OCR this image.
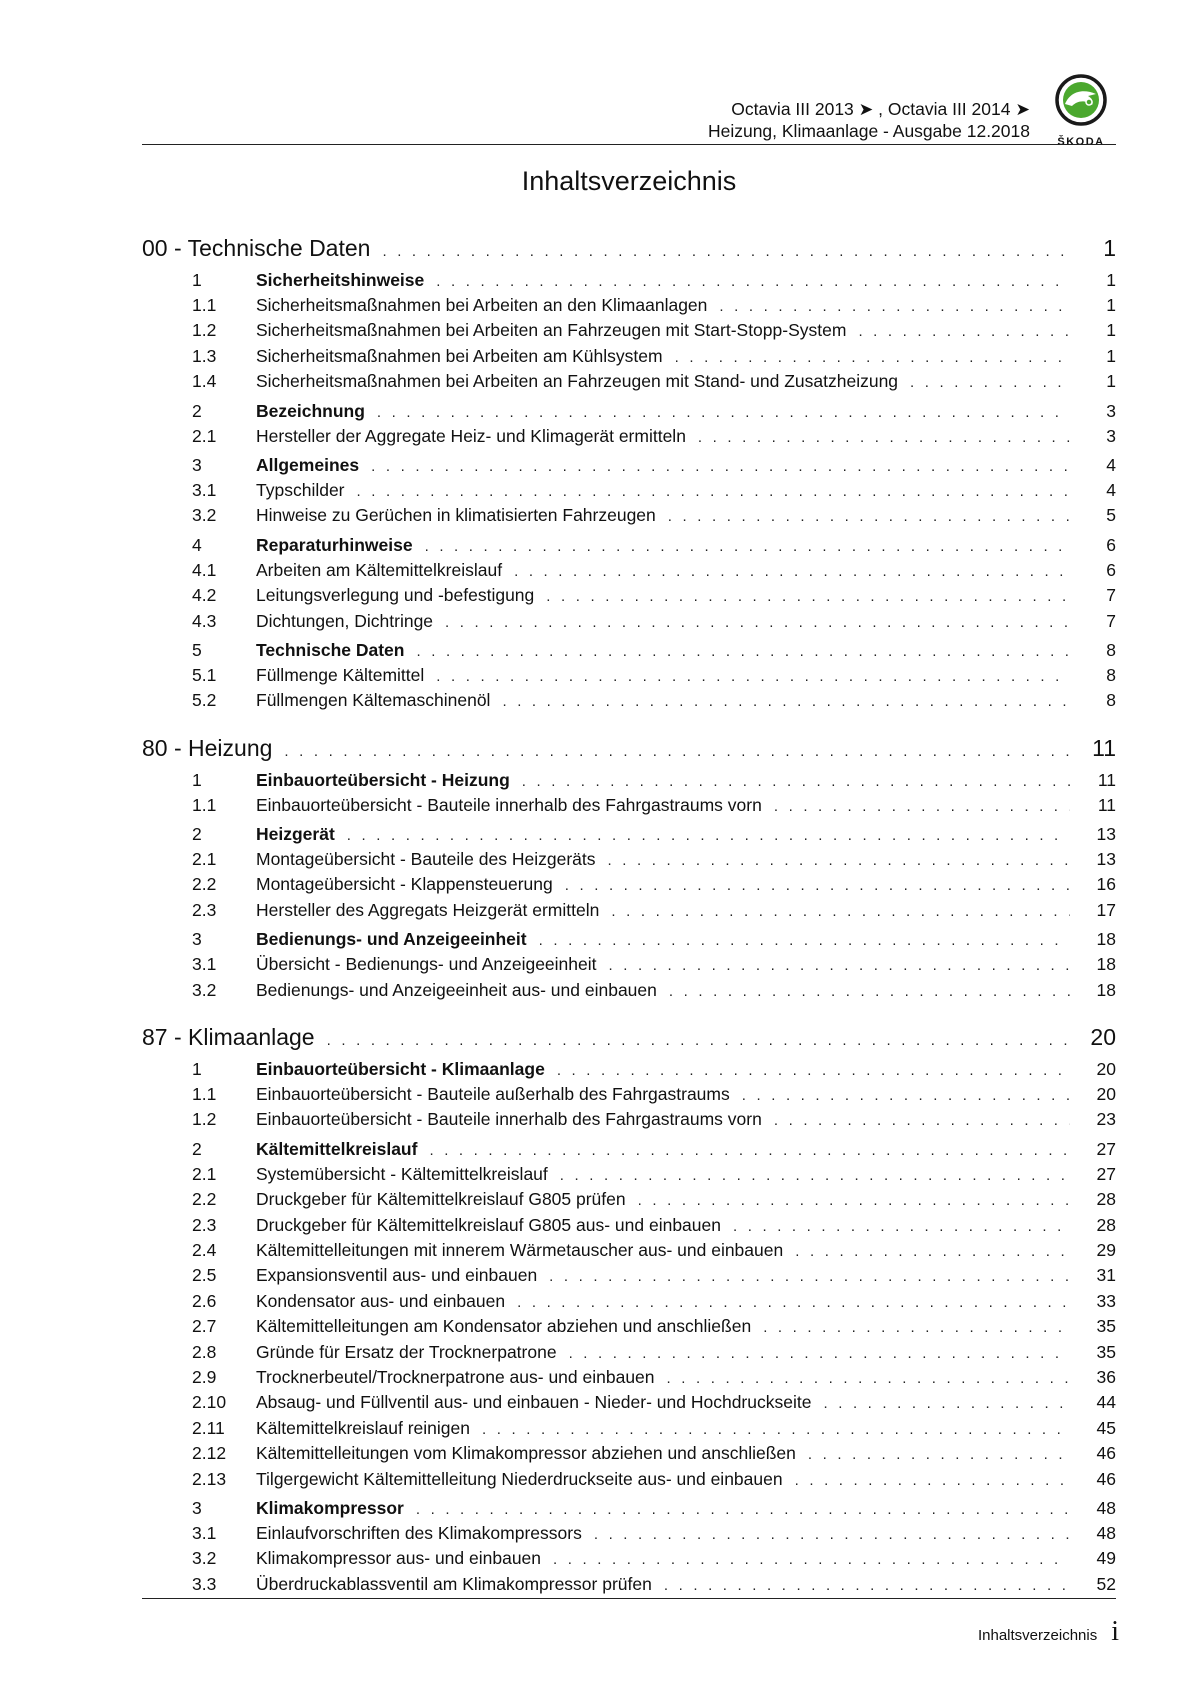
Octavia III 2013 ➤ , Octavia III 2014 ➤
Heizung, Klimaanlage - Ausgabe 12.2018
ŠKODA
Inhaltsverzeichnis
00 - Technische Daten . . .	1
1	Sicherheitshinweise . . .	1
1.1	Sicherheitsmaßnahmen bei Arbeiten an den Klimaanlagen . . .	1
1.2	Sicherheitsmaßnahmen bei Arbeiten an Fahrzeugen mit Start-Stopp-System . . .	1
1.3	Sicherheitsmaßnahmen bei Arbeiten am Kühlsystem . . .	1
1.4	Sicherheitsmaßnahmen bei Arbeiten an Fahrzeugen mit Stand- und Zusatzheizung . . .	1
2	Bezeichnung . . .	3
2.1	Hersteller der Aggregate Heiz- und Klimagerät ermitteln . . .	3
3	Allgemeines . . .	4
3.1	Typschilder . . .	4
3.2	Hinweise zu Gerüchen in klimatisierten Fahrzeugen . . .	5
4	Reparaturhinweise . . .	6
4.1	Arbeiten am Kältemittelkreislauf . . .	6
4.2	Leitungsverlegung und -befestigung . . .	7
4.3	Dichtungen, Dichtringe . . .	7
5	Technische Daten . . .	8
5.1	Füllmenge Kältemittel . . .	8
5.2	Füllmengen Kältemaschinenöl . . .	8
80 - Heizung . . .	11
1	Einbauorteübersicht - Heizung . . .	11
1.1	Einbauorteübersicht - Bauteile innerhalb des Fahrgastraums vorn . . .	11
2	Heizgerät . . .	13
2.1	Montageübersicht - Bauteile des Heizgeräts . . .	13
2.2	Montageübersicht - Klappensteuerung . . .	16
2.3	Hersteller des Aggregats Heizgerät ermitteln . . .	17
3	Bedienungs- und Anzeigeeinheit . . .	18
3.1	Übersicht - Bedienungs- und Anzeigeeinheit . . .	18
3.2	Bedienungs- und Anzeigeeinheit aus- und einbauen . . .	18
87 - Klimaanlage . . .	20
1	Einbauorteübersicht - Klimaanlage . . .	20
1.1	Einbauorteübersicht - Bauteile außerhalb des Fahrgastraums . . .	20
1.2	Einbauorteübersicht - Bauteile innerhalb des Fahrgastraums vorn . . .	23
2	Kältemittelkreislauf . . .	27
2.1	Systemübersicht - Kältemittelkreislauf . . .	27
2.2	Druckgeber für Kältemittelkreislauf G805 prüfen . . .	28
2.3	Druckgeber für Kältemittelkreislauf G805 aus- und einbauen . . .	28
2.4	Kältemittelleitungen mit innerem Wärmetauscher aus- und einbauen . . .	29
2.5	Expansionsventil aus- und einbauen . . .	31
2.6	Kondensator aus- und einbauen . . .	33
2.7	Kältemittelleitungen am Kondensator abziehen und anschließen . . .	35
2.8	Gründe für Ersatz der Trocknerpatrone . . .	35
2.9	Trocknerbeutel/Trocknerpatrone aus- und einbauen . . .	36
2.10	Absaug- und Füllventil aus- und einbauen - Nieder- und Hochdruckseite . . .	44
2.11	Kältemittelkreislauf reinigen . . .	45
2.12	Kältemittelleitungen vom Klimakompressor abziehen und anschließen . . .	46
2.13	Tilgergewicht Kältemittelleitung Niederdruckseite aus- und einbauen . . .	46
3	Klimakompressor . . .	48
3.1	Einlaufvorschriften des Klimakompressors . . .	48
3.2	Klimakompressor aus- und einbauen . . .	49
3.3	Überdruckablassventil am Klimakompressor prüfen . . .	52
Inhaltsverzeichnis i
